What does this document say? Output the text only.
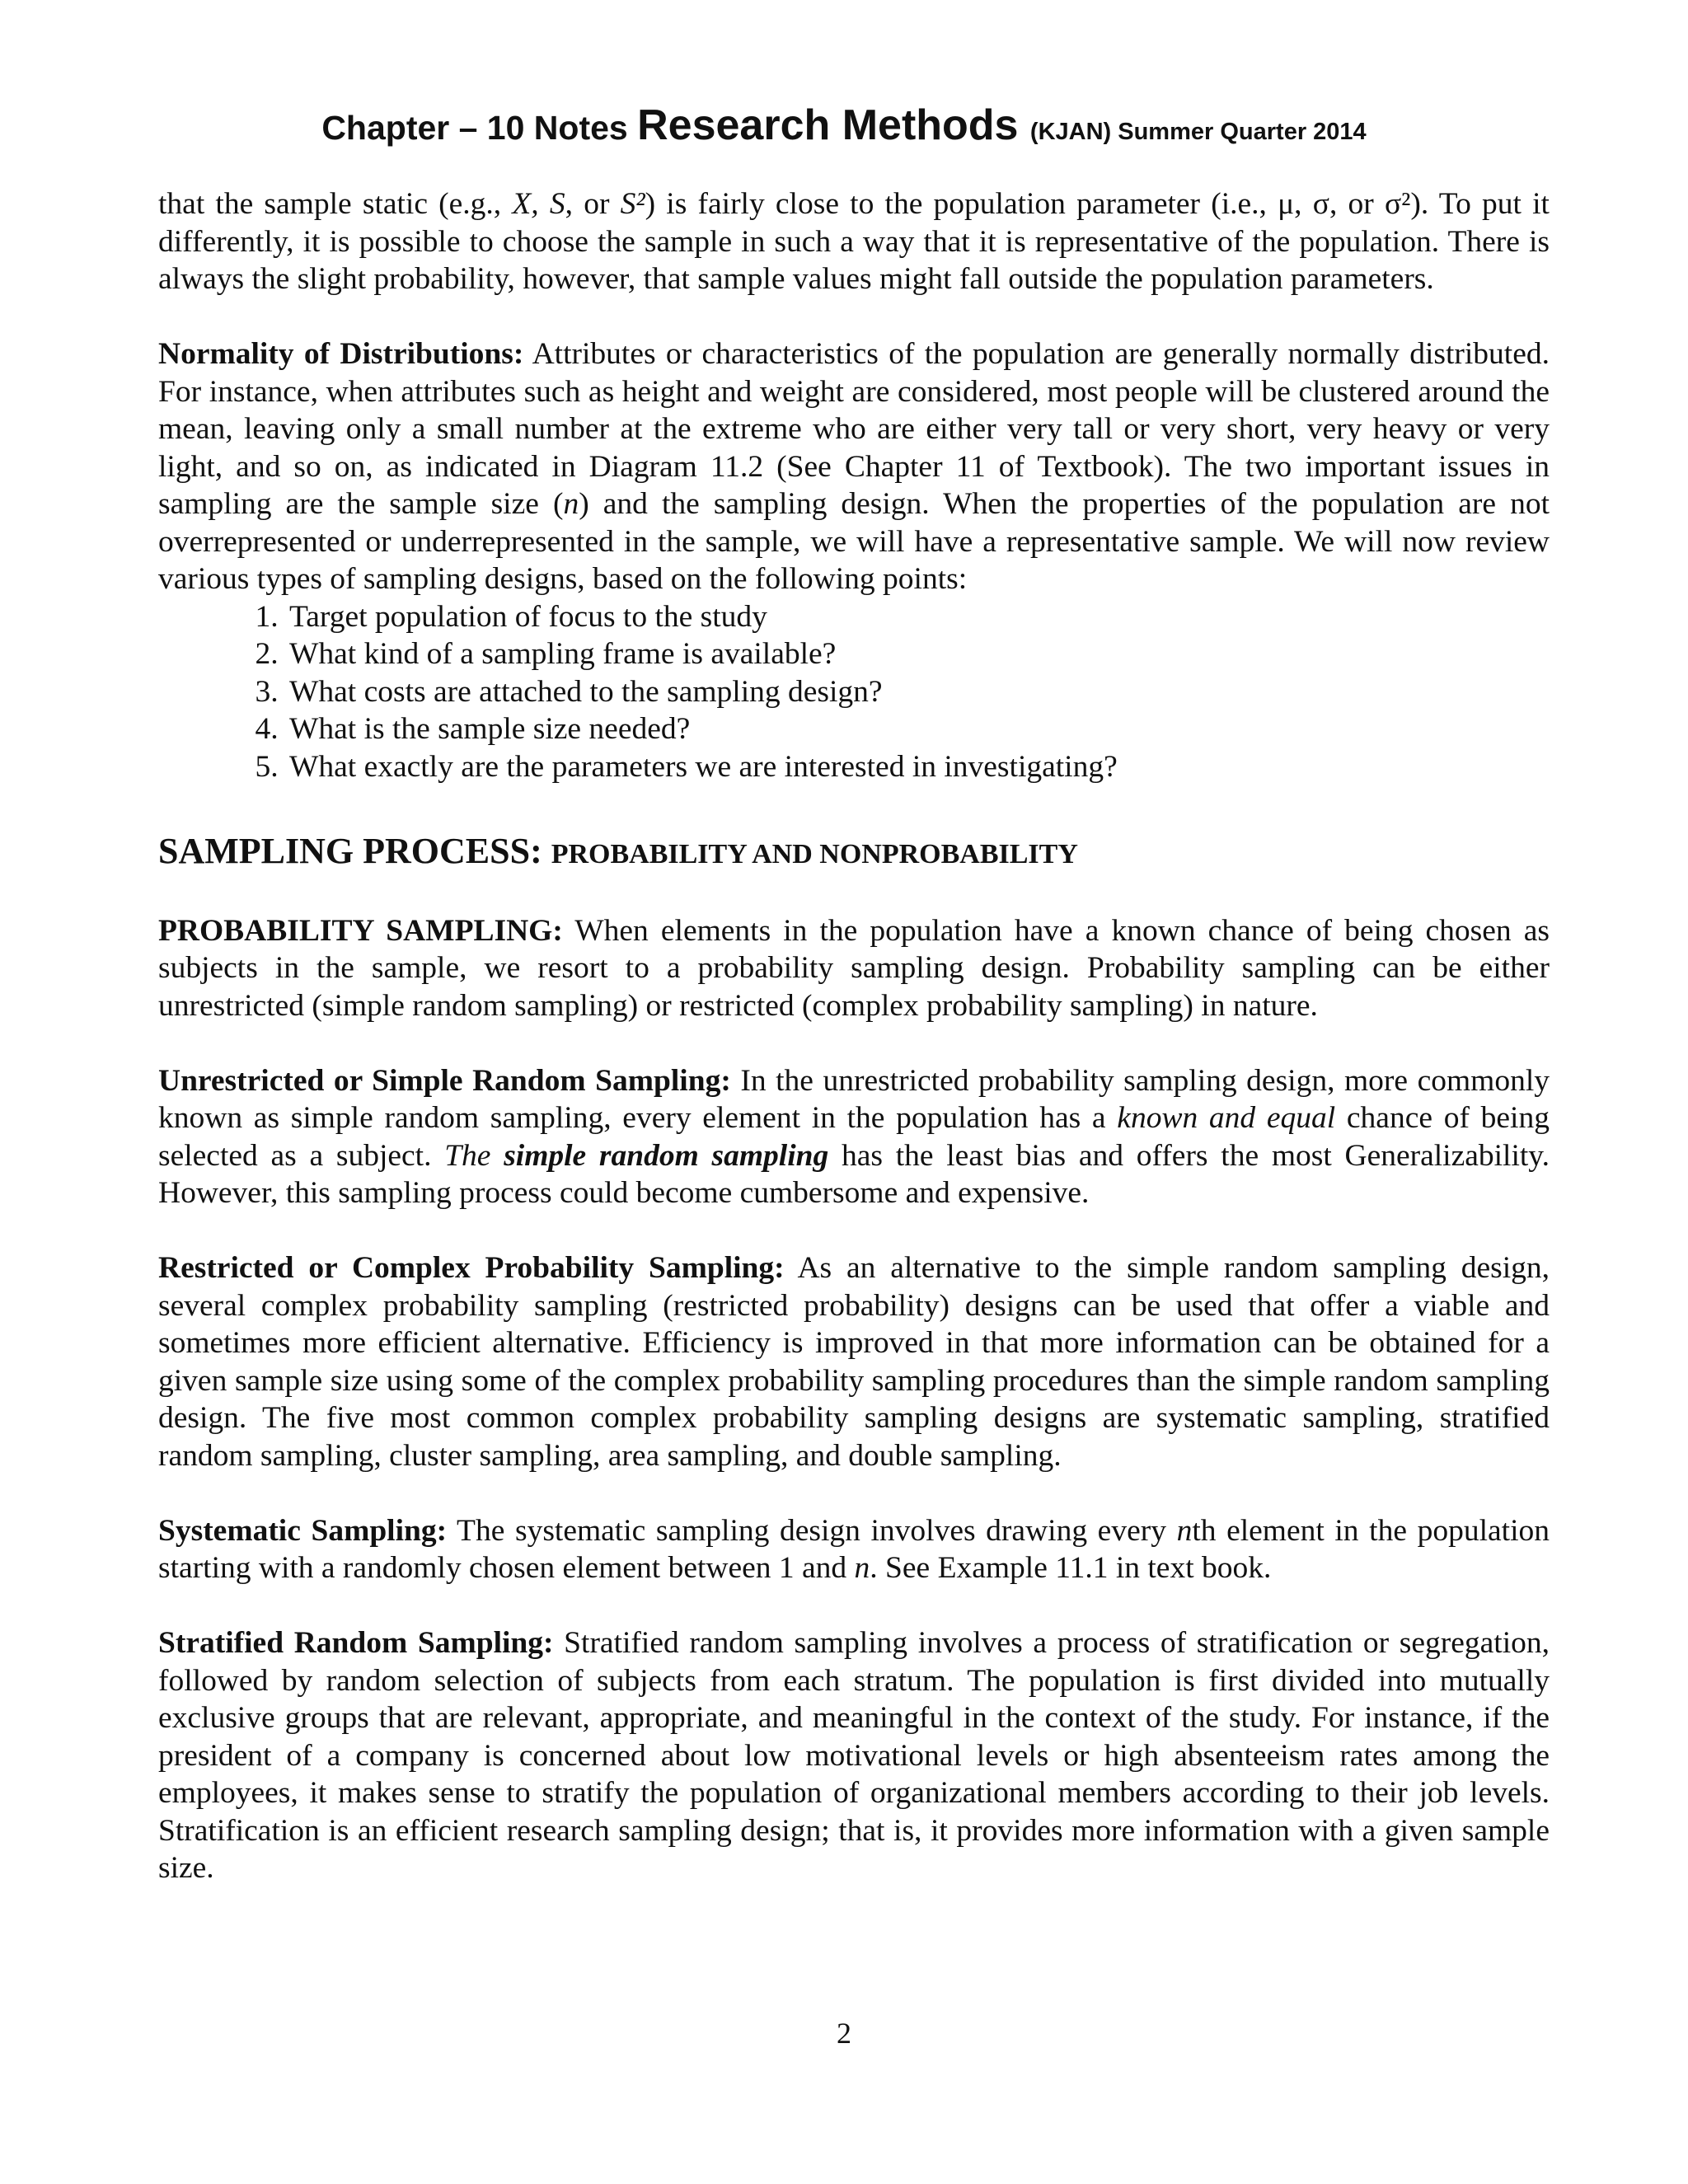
Chapter – 10 Notes Research Methods (KJAN) Summer Quarter 2014

that the sample static (e.g., X, S, or S²) is fairly close to the population parameter (i.e., μ, σ, or σ²). To put it differently, it is possible to choose the sample in such a way that it is representative of the population. There is always the slight probability, however, that sample values might fall outside the population parameters.

Normality of Distributions: Attributes or characteristics of the population are generally normally distributed. For instance, when attributes such as height and weight are considered, most people will be clustered around the mean, leaving only a small number at the extreme who are either very tall or very short, very heavy or very light, and so on, as indicated in Diagram 11.2 (See Chapter 11 of Textbook). The two important issues in sampling are the sample size (n) and the sampling design. When the properties of the population are not overrepresented or underrepresented in the sample, we will have a representative sample. We will now review various types of sampling designs, based on the following points:

1. Target population of focus to the study
2. What kind of a sampling frame is available?
3. What costs are attached to the sampling design?
4. What is the sample size needed?
5. What exactly are the parameters we are interested in investigating?
SAMPLING PROCESS: PROBABILITY AND NONPROBABILITY

PROBABILITY SAMPLING: When elements in the population have a known chance of being chosen as subjects in the sample, we resort to a probability sampling design. Probability sampling can be either unrestricted (simple random sampling) or restricted (complex probability sampling) in nature.

Unrestricted or Simple Random Sampling: In the unrestricted probability sampling design, more commonly known as simple random sampling, every element in the population has a known and equal chance of being selected as a subject. The simple random sampling has the least bias and offers the most Generalizability. However, this sampling process could become cumbersome and expensive.

Restricted or Complex Probability Sampling: As an alternative to the simple random sampling design, several complex probability sampling (restricted probability) designs can be used that offer a viable and sometimes more efficient alternative. Efficiency is improved in that more information can be obtained for a given sample size using some of the complex probability sampling procedures than the simple random sampling design. The five most common complex probability sampling designs are systematic sampling, stratified random sampling, cluster sampling, area sampling, and double sampling.

Systematic Sampling: The systematic sampling design involves drawing every nth element in the population starting with a randomly chosen element between 1 and n. See Example 11.1 in text book.

Stratified Random Sampling: Stratified random sampling involves a process of stratification or segregation, followed by random selection of subjects from each stratum. The population is first divided into mutually exclusive groups that are relevant, appropriate, and meaningful in the context of the study. For instance, if the president of a company is concerned about low motivational levels or high absenteeism rates among the employees, it makes sense to stratify the population of organizational members according to their job levels. Stratification is an efficient research sampling design; that is, it provides more information with a given sample size.

2
